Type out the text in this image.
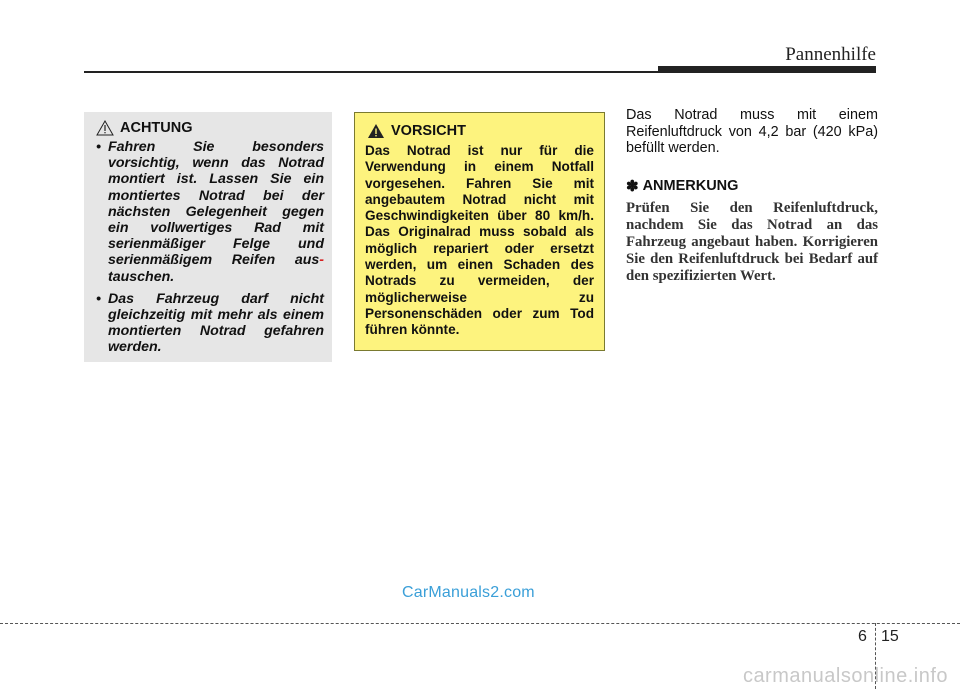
Pannenhilfe
ACHTUNG
• Fahren Sie besonders vorsichtig, wenn das Notrad montiert ist. Lassen Sie ein montiertes Notrad bei der nächsten Gelegenheit gegen ein vollwertiges Rad mit serienmäßiger Felge und serienmäßigem Reifen aus- tauschen.
• Das Fahrzeug darf nicht gleichzeitig mit mehr als einem montierten Notrad gefahren werden.
VORSICHT

Das Notrad ist nur für die Verwendung in einem Notfall vorgesehen. Fahren Sie mit angebautem Notrad nicht mit Geschwindigkeiten über 80 km/h. Das Originalrad muss sobald als möglich repariert oder ersetzt werden, um einen Schaden des Notrads zu vermeiden, der möglicherweise zu Personenschäden oder zum Tod führen könnte.

Das Notrad muss mit einem Reifenluftdruck von 4,2 bar (420 kPa) befüllt werden.

✽ ANMERKUNG

Prüfen Sie den Reifenluftdruck, nachdem Sie das Notrad an das Fahrzeug angebaut haben. Korrigieren Sie den Reifenluftdruck bei Bedarf auf den spezifizierten Wert.

CarManuals2.com
6 15
carmanualsonline.info
